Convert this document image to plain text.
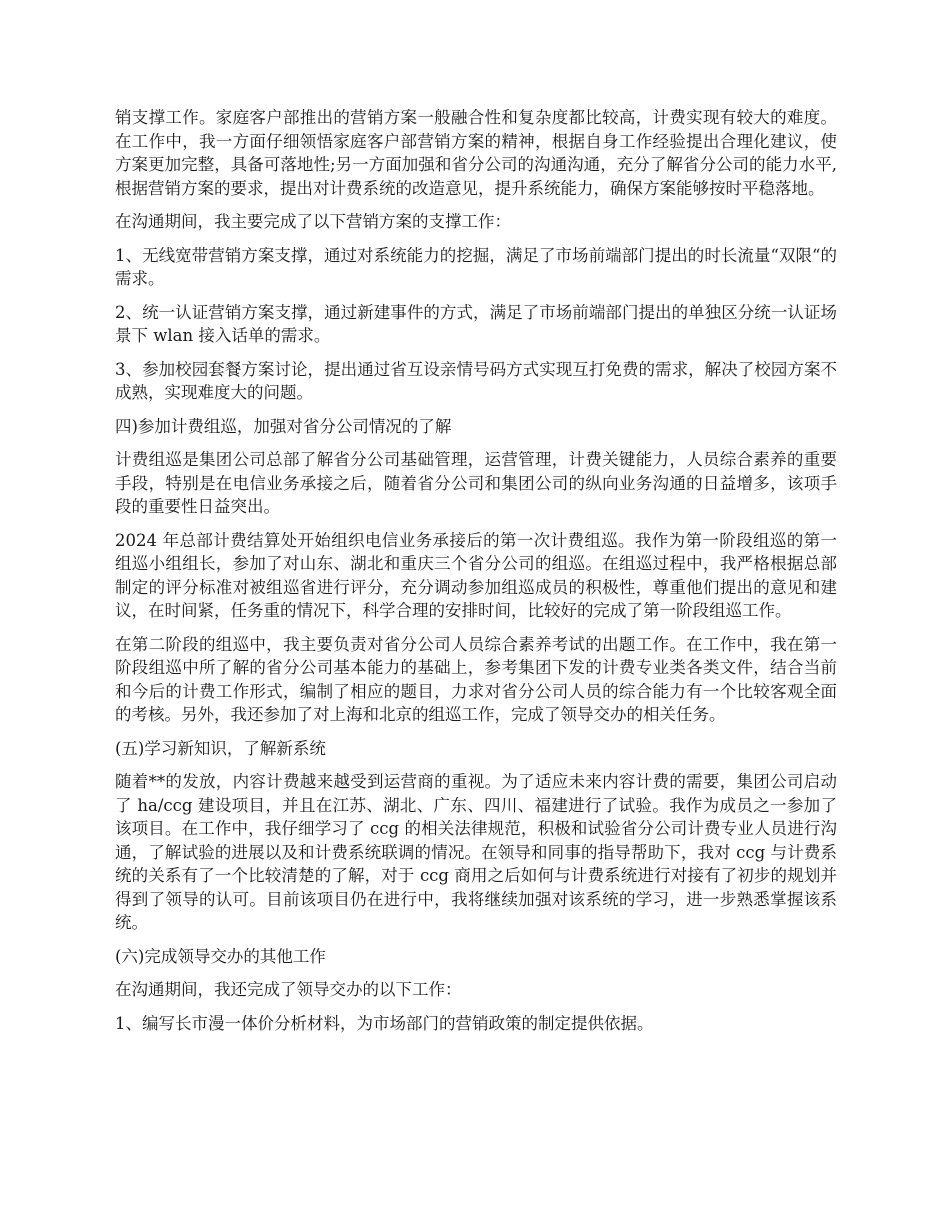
销支撑工作。家庭客户部推出的营销方案一般融合性和复杂度都比较高，计费实现有较大的难度。在工作中，我一方面仔细领悟家庭客户部营销方案的精神，根据自身工作经验提出合理化建议，使方案更加完整，具备可落地性;另一方面加强和省分公司的沟通沟通，充分了解省分公司的能力水平,根据营销方案的要求，提出对计费系统的改造意见，提升系统能力，确保方案能够按时平稳落地。

在沟通期间，我主要完成了以下营销方案的支撑工作：

1、无线宽带营销方案支撑，通过对系统能力的挖掘，满足了市场前端部门提出的时长流量“双限“的需求。

2、统一认证营销方案支撑，通过新建事件的方式，满足了市场前端部门提出的单独区分统一认证场景下 wlan 接入话单的需求。

3、参加校园套餐方案讨论，提出通过省互设亲情号码方式实现互打免费的需求，解决了校园方案不成熟，实现难度大的问题。

四)参加计费组巡，加强对省分公司情况的了解

计费组巡是集团公司总部了解省分公司基础管理，运营管理，计费关键能力，人员综合素养的重要手段，特别是在电信业务承接之后，随着省分公司和集团公司的纵向业务沟通的日益增多，该项手段的重要性日益突出。

2024 年总部计费结算处开始组织电信业务承接后的第一次计费组巡。我作为第一阶段组巡的第一组巡小组组长，参加了对山东、湖北和重庆三个省分公司的组巡。在组巡过程中，我严格根据总部制定的评分标准对被组巡省进行评分，充分调动参加组巡成员的积极性，尊重他们提出的意见和建议，在时间紧，任务重的情况下，科学合理的安排时间，比较好的完成了第一阶段组巡工作。

在第二阶段的组巡中，我主要负责对省分公司人员综合素养考试的出题工作。在工作中，我在第一阶段组巡中所了解的省分公司基本能力的基础上，参考集团下发的计费专业类各类文件，结合当前和今后的计费工作形式，编制了相应的题目，力求对省分公司人员的综合能力有一个比较客观全面的考核。另外，我还参加了对上海和北京的组巡工作，完成了领导交办的相关任务。

(五)学习新知识，了解新系统

随着**的发放，内容计费越来越受到运营商的重视。为了适应未来内容计费的需要，集团公司启动了 ha/ccg 建设项目，并且在江苏、湖北、广东、四川、福建进行了试验。我作为成员之一参加了该项目。在工作中，我仔细学习了 ccg 的相关法律规范，积极和试验省分公司计费专业人员进行沟通，了解试验的进展以及和计费系统联调的情况。在领导和同事的指导帮助下，我对 ccg 与计费系统的关系有了一个比较清楚的了解，对于 ccg 商用之后如何与计费系统进行对接有了初步的规划并得到了领导的认可。目前该项目仍在进行中，我将继续加强对该系统的学习，进一步熟悉掌握该系统。

(六)完成领导交办的其他工作

在沟通期间，我还完成了领导交办的以下工作：

1、编写长市漫一体价分析材料，为市场部门的营销政策的制定提供依据。
